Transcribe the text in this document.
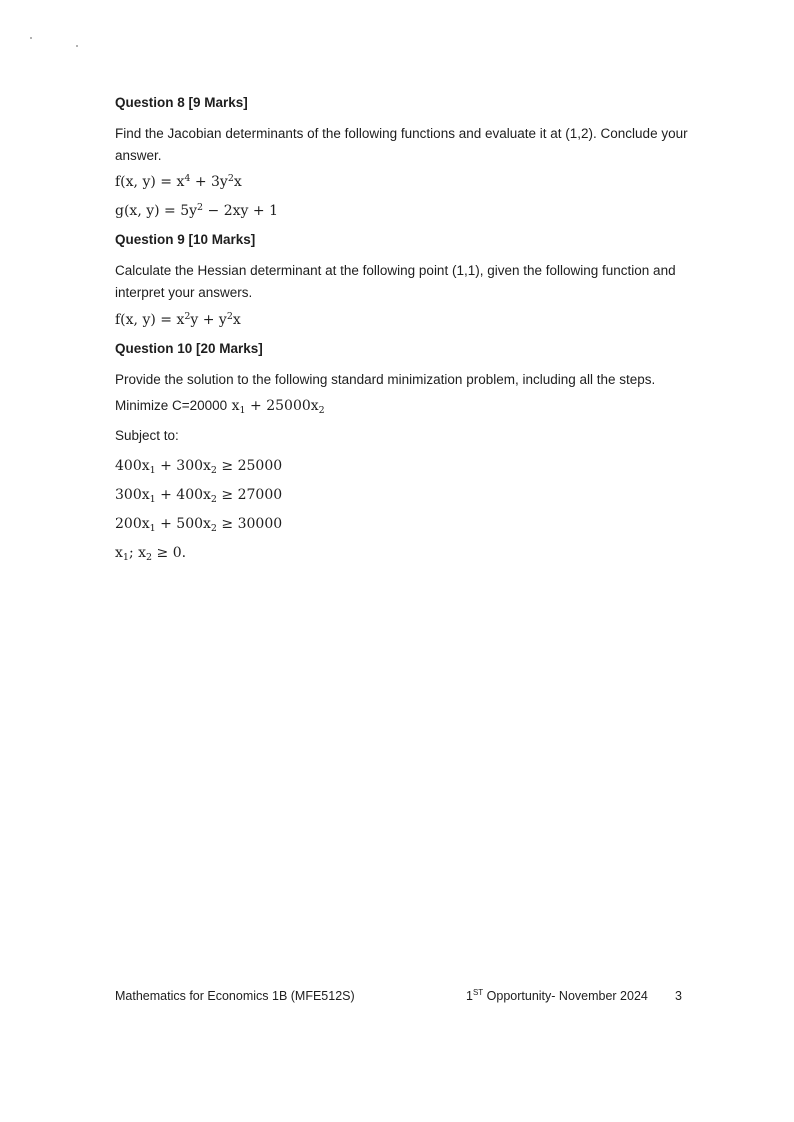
Question 8 [9 Marks]
Find the Jacobian determinants of the following functions and evaluate it at (1,2). Conclude your answer.
f(x, $y) = x^4 + 3y^2x$
g(x, $y) = 5y^2 - 2xy + 1$
Question 9 [10 Marks]
Calculate the Hessian determinant at the following point (1,1), given the following function and interpret your answers.
f(x, $y) = x^2y + y^2x$
Question 10 [20 Marks]
Provide the solution to the following standard minimization problem, including all the steps.
Minimize C=20000 $x_1 + 25000x_2$
Subject to:
$400x_1 + 300x_2 \ge 25000$
$300x_1 + 400x_2 \ge 27000$
$200x_1 + 500x_2 \ge 30000$
$x_1$; $x_2 \ge 0$.
Mathematics for Economics 1B (MFE512S)	1ST Opportunity- November 2024 3
